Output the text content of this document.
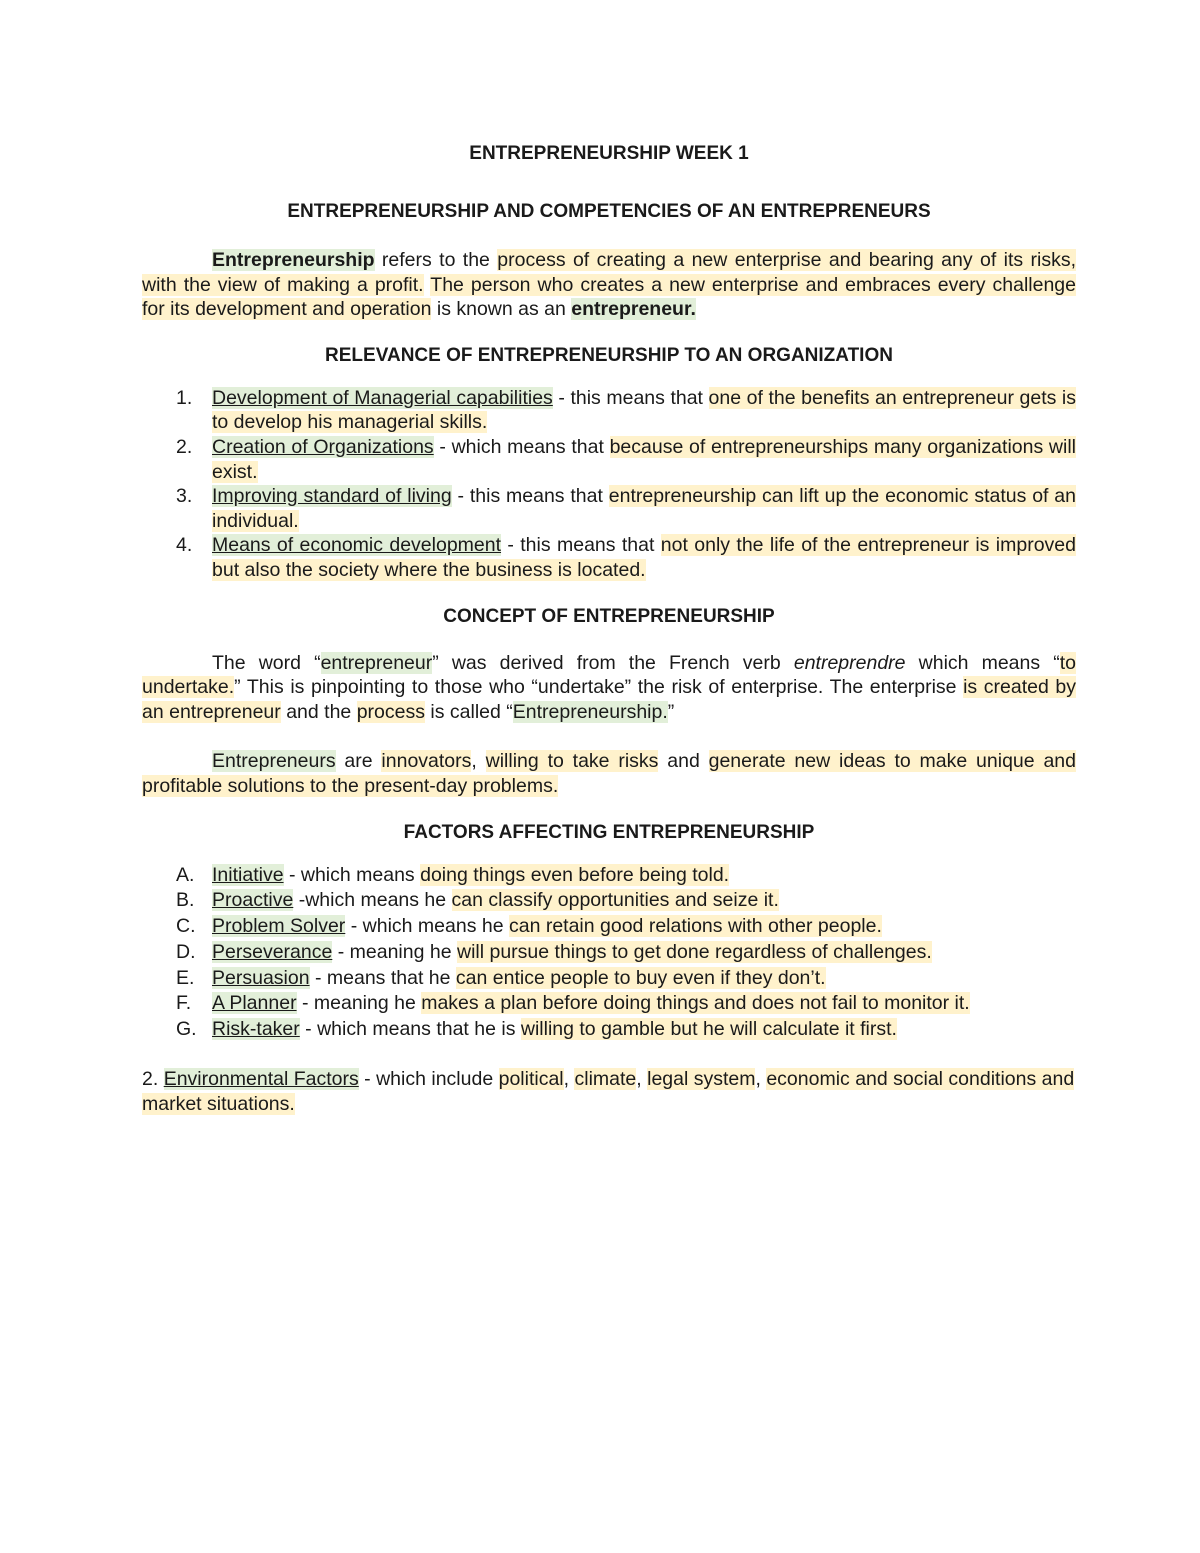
ENTREPRENEURSHIP WEEK 1

ENTREPRENEURSHIP AND COMPETENCIES OF AN ENTREPRENEURS

Entrepreneurship refers to the process of creating a new enterprise and bearing any of its risks, with the view of making a profit. The person who creates a new enterprise and embraces every challenge for its development and operation is known as an entrepreneur.

RELEVANCE OF ENTREPRENEURSHIP TO AN ORGANIZATION

1. Development of Managerial capabilities - this means that one of the benefits an entrepreneur gets is to develop his managerial skills.
2. Creation of Organizations - which means that because of entrepreneurships many organizations will exist.
3. Improving standard of living - this means that entrepreneurship can lift up the economic status of an individual.
4. Means of economic development - this means that not only the life of the entrepreneur is improved but also the society where the business is located.

CONCEPT OF ENTREPRENEURSHIP

The word “entrepreneur” was derived from the French verb entreprendre which means “to undertake.” This is pinpointing to those who “undertake” the risk of enterprise. The enterprise is created by an entrepreneur and the process is called “Entrepreneurship.”

Entrepreneurs are innovators, willing to take risks and generate new ideas to make unique and profitable solutions to the present-day problems.

FACTORS AFFECTING ENTREPRENEURSHIP

A. Initiative - which means doing things even before being told.
B. Proactive -which means he can classify opportunities and seize it.
C. Problem Solver - which means he can retain good relations with other people.
D. Perseverance - meaning he will pursue things to get done regardless of challenges.
E. Persuasion - means that he can entice people to buy even if they don’t.
F. A Planner - meaning he makes a plan before doing things and does not fail to monitor it.
G. Risk-taker - which means that he is willing to gamble but he will calculate it first.

2. Environmental Factors - which include political, climate, legal system, economic and social conditions and market situations.
